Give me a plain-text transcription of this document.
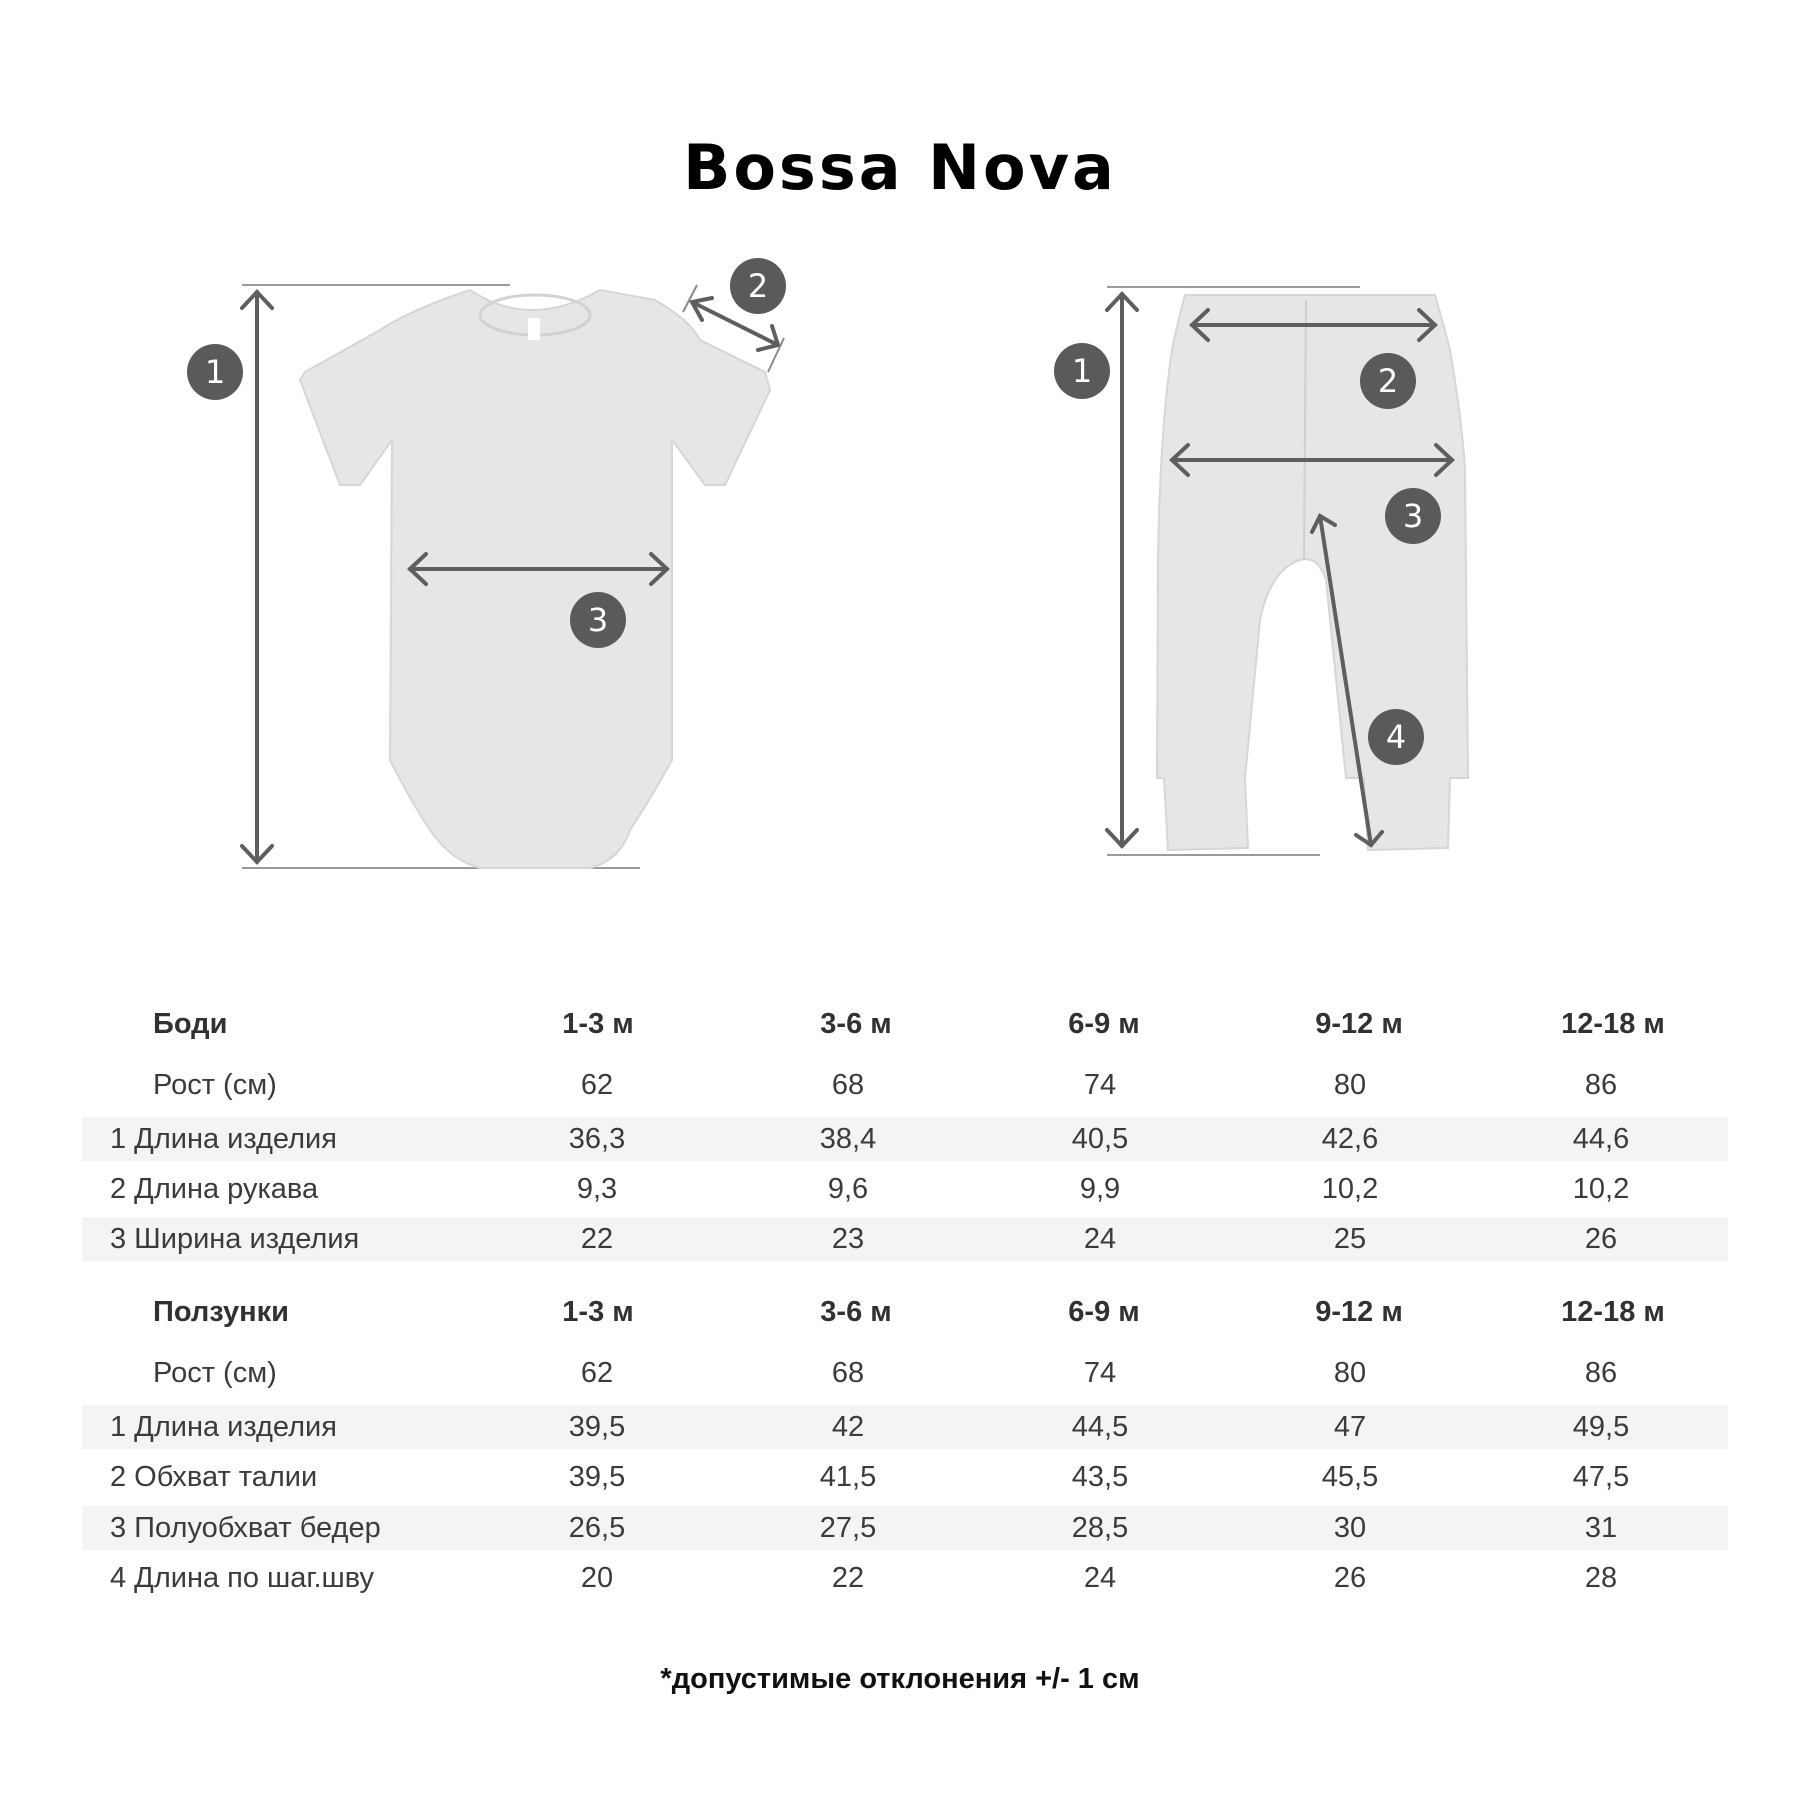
Bossa Nova
1
2
3
1	2
3
4
Боди	1-3 м	3-6 м	6-9 м	9-12 м	12-18 м
Рост (см)	62	68	74	80	86
1 Длина изделия	36,3	38,4	40,5	42,6	44,6
2 Длина рукава	9,3	9,6	9,9	10,2	10,2
3 Ширина изделия	22	23	24	25	26
Ползунки	1-3 м	3-6 м	6-9 м	9-12 м	12-18 м
Рост (см)	62	68	74	80	86
1 Длина изделия	39,5	42	44,5	47	49,5
2 Обхват талии	39,5	41,5	43,5	45,5	47,5
3 Полуобхват бедер	26,5	27,5	28,5	30	31
4 Длина по шаг.шву	20	22	24	26	28
*допустимые отклонения +/- 1 см
